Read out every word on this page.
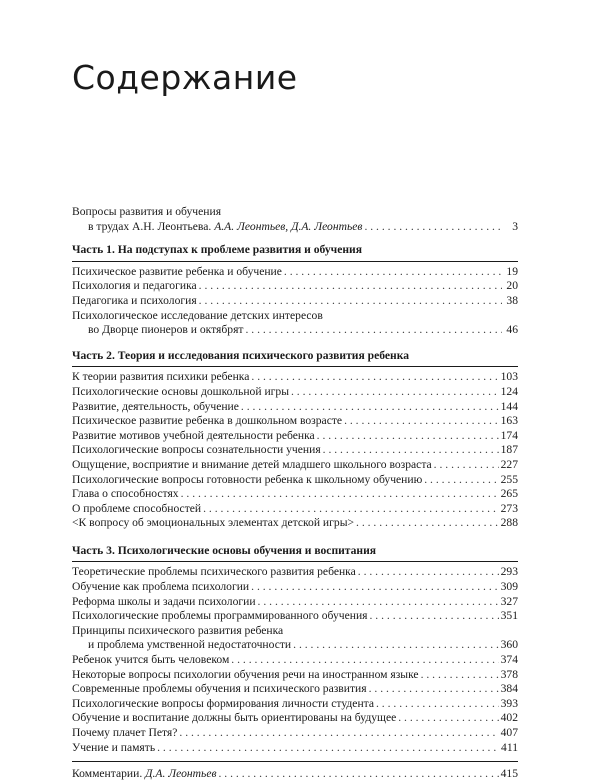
Содержание
Вопросы развития и обучения
в трудах А.Н. Леонтьева. А.А. Леонтьев, Д.А. Леонтьев . . .	3
Часть 1. На подступах к проблеме развития и обучения
Психическое развитие ребенка и обучение . . .	19
Психология и педагогика . . .	20
Педагогика и психология . . .	38
Психологическое исследование детских интересов
во Дворце пионеров и октябрят . . .	46
Часть 2. Теория и исследования психического развития ребенка
К теории развития психики ребенка . . .	103
Психологические основы дошкольной игры . . .	124
Развитие, деятельность, обучение . . .	144
Психическое развитие ребенка в дошкольном возрасте . . .	163
Развитие мотивов учебной деятельности ребенка . . .	174
Психологические вопросы сознательности учения . . .	187
Ощущение, восприятие и внимание детей младшего школьного возраста . . .	227
Психологические вопросы готовности ребенка к школьному обучению . . .	255
Глава о способностях . . .	265
О проблеме способностей . . .	273
<К вопросу об эмоциональных элементах детской игры> . . .	288
Часть 3. Психологические основы обучения и воспитания
Теоретические проблемы психического развития ребенка . . .	293
Обучение как проблема психологии . . .	309
Реформа школы и задачи психологии . . .	327
Психологические проблемы программированного обучения . . .	351
Принципы психического развития ребенка
и проблема умственной недостаточности . . .	360
Ребенок учится быть человеком . . .	374
Некоторые вопросы психологии обучения речи на иностранном языке . . .	378
Современные проблемы обучения и психического развития . . .	384
Психологические вопросы формирования личности студента . . .	393
Обучение и воспитание должны быть ориентированы на будущее . . .	402
Почему плачет Петя? . . .	407
Учение и память . . .	411
Комментарии. Д.А. Леонтьев . . .	415
